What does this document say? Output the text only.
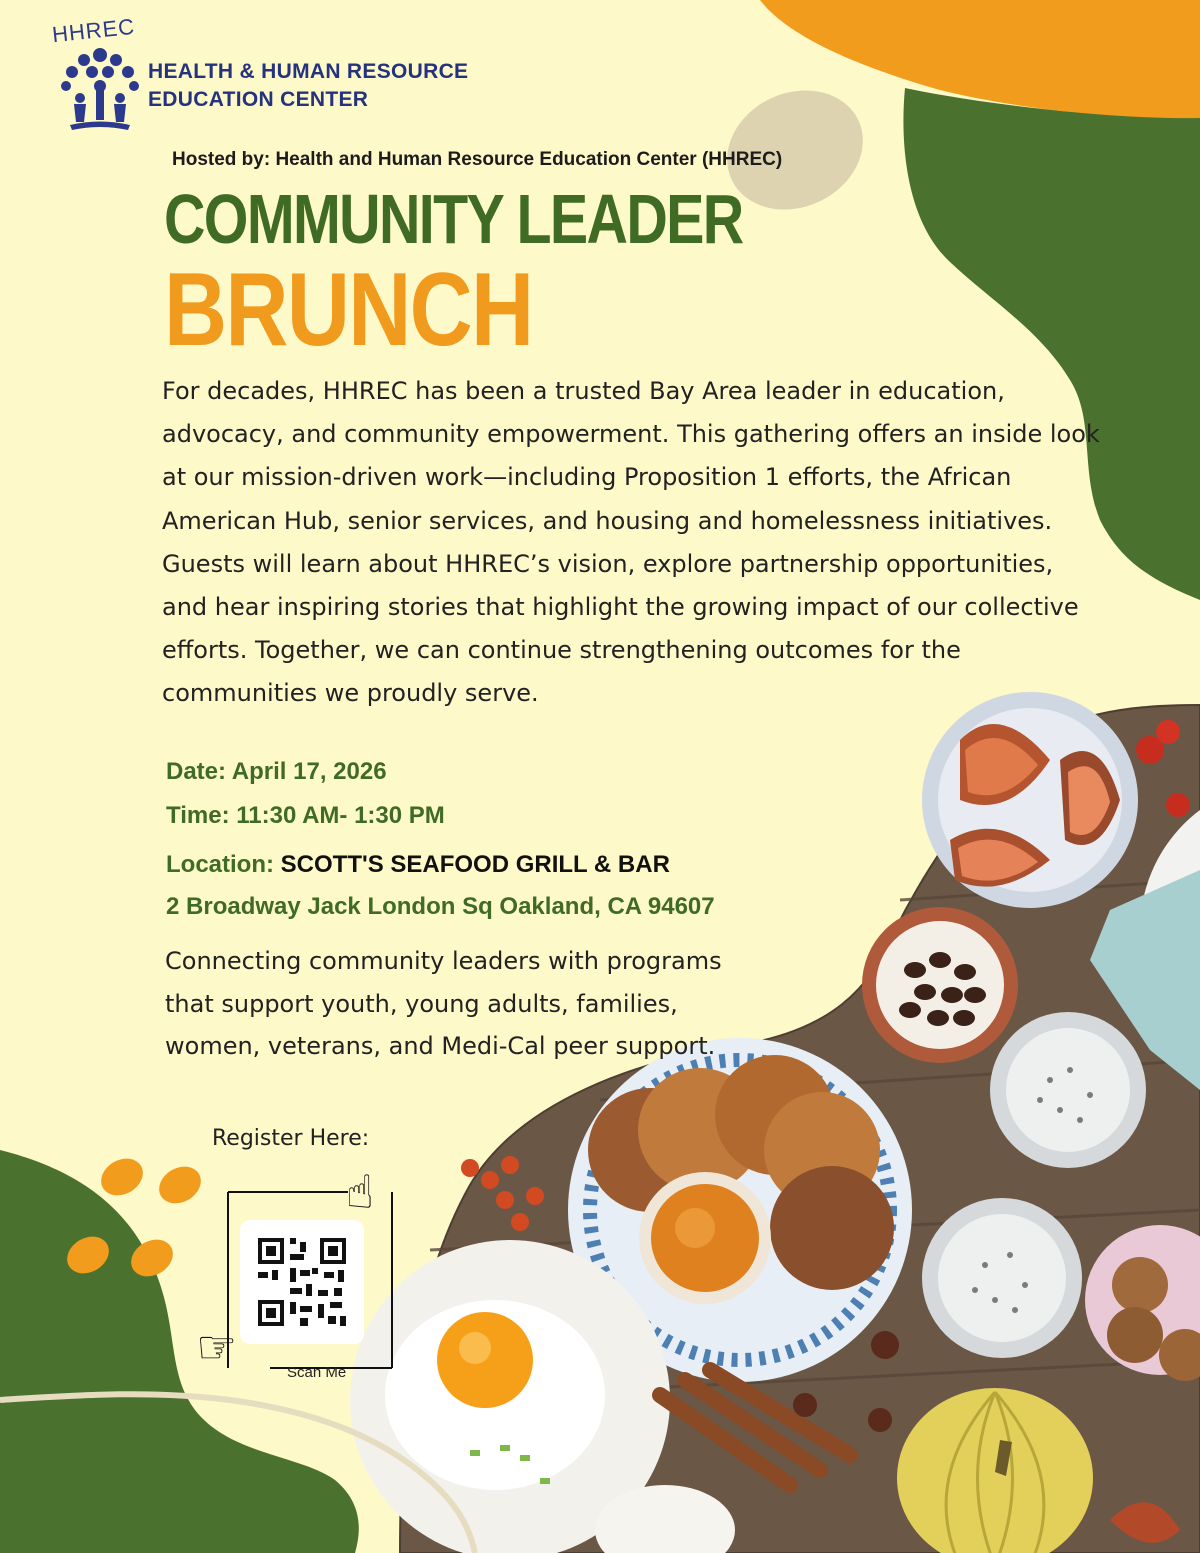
☜
☞
HHREC
HEALTH & HUMAN RESOURCE
EDUCATION CENTER
Hosted by: Health and Human Resource Education Center (HHREC)
COMMUNITY LEADER
BRUNCH

For decades, HHREC has been a trusted Bay Area leader in education, advocacy, and community empowerment. This gathering offers an inside look at our mission-driven work—including Proposition 1 efforts, the African American Hub, senior services, and housing and homelessness initiatives.

Guests will learn about HHREC’s vision, explore partnership opportunities, and hear inspiring stories that highlight the growing impact of our collective efforts. Together, we can continue strengthening outcomes for the communities we proudly serve.

Date: April 17, 2026
Time: 11:30 AM- 1:30 PM
Location: SCOTT'S SEAFOOD GRILL & BAR
2 Broadway Jack London Sq Oakland, CA 94607
Connecting community leaders with programs that support youth, young adults, families, women, veterans, and Medi-Cal peer support.
Register Here:
Scan Me
